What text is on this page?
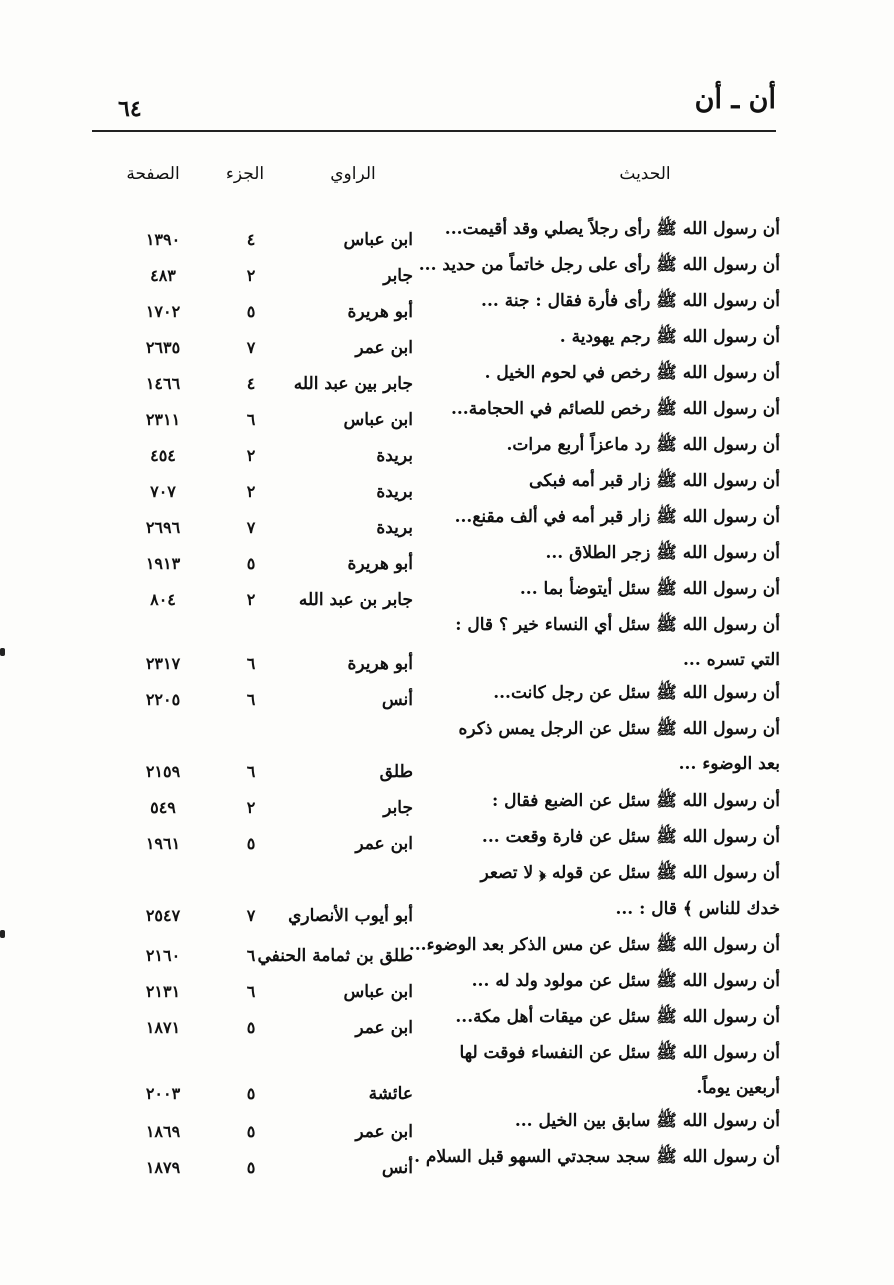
أن ـ أن
٦٤
الحديث
الراوي
الجزء
الصفحة
أن رسول الله ﷺ رأى رجلاً يصلي وقد أقيمت...
ابن عباس
٤
١٣٩٠
أن رسول الله ﷺ رأى على رجل خاتماً من حديد ...
جابر
٢
٤٨٣
أن رسول الله ﷺ رأى فأرة فقال : جنة ...
أبو هريرة
٥
١٧٠٢
أن رسول الله ﷺ رجم يهودية .
ابن عمر
٧
٢٦٣٥
أن رسول الله ﷺ رخص في لحوم الخيل .
جابر بين عبد الله
٤
١٤٦٦
أن رسول الله ﷺ رخص للصائم في الحجامة...
ابن عباس
٦
٢٣١١
أن رسول الله ﷺ رد ماعزاً أربع مرات.
بريدة
٢
٤٥٤
أن رسول الله ﷺ زار قبر أمه فبكى
بريدة
٢
٧٠٧
أن رسول الله ﷺ زار قبر أمه في ألف مقنع...
بريدة
٧
٢٦٩٦
أن رسول الله ﷺ زجر الطلاق ...
أبو هريرة
٥
١٩١٣
أن رسول الله ﷺ سئل أيتوضأ بما ...
جابر بن عبد الله
٢
٨٠٤
أن رسول الله ﷺ سئل أي النساء خير ؟ قال :
التي تسره ...
أبو هريرة
٦
٢٣١٧
أن رسول الله ﷺ سئل عن رجل كانت...
أنس
٦
٢٢٠٥
أن رسول الله ﷺ سئل عن الرجل يمس ذكره
بعد الوضوء ...
طلق
٦
٢١٥٩
أن رسول الله ﷺ سئل عن الضبع فقال :
جابر
٢
٥٤٩
أن رسول الله ﷺ سئل عن فارة وقعت ...
ابن عمر
٥
١٩٦١
أن رسول الله ﷺ سئل عن قوله ﴿ لا تصعر
خدك للناس ﴾ قال : ...
أبو أيوب الأنصاري
٧
٢٥٤٧
أن رسول الله ﷺ سئل عن مس الذكر بعد الوضوء...
طلق بن ثمامة الحنفي
٦
٢١٦٠
أن رسول الله ﷺ سئل عن مولود ولد له ...
ابن عباس
٦
٢١٣١
أن رسول الله ﷺ سئل عن ميقات أهل مكة...
ابن عمر
٥
١٨٧١
أن رسول الله ﷺ سئل عن النفساء فوقت لها
أربعين يوماً.
عائشة
٥
٢٠٠٣
أن رسول الله ﷺ سابق بين الخيل ...
ابن عمر
٥
١٨٦٩
أن رسول الله ﷺ سجد سجدتي السهو قبل السلام .
أنس
٥
١٨٧٩
